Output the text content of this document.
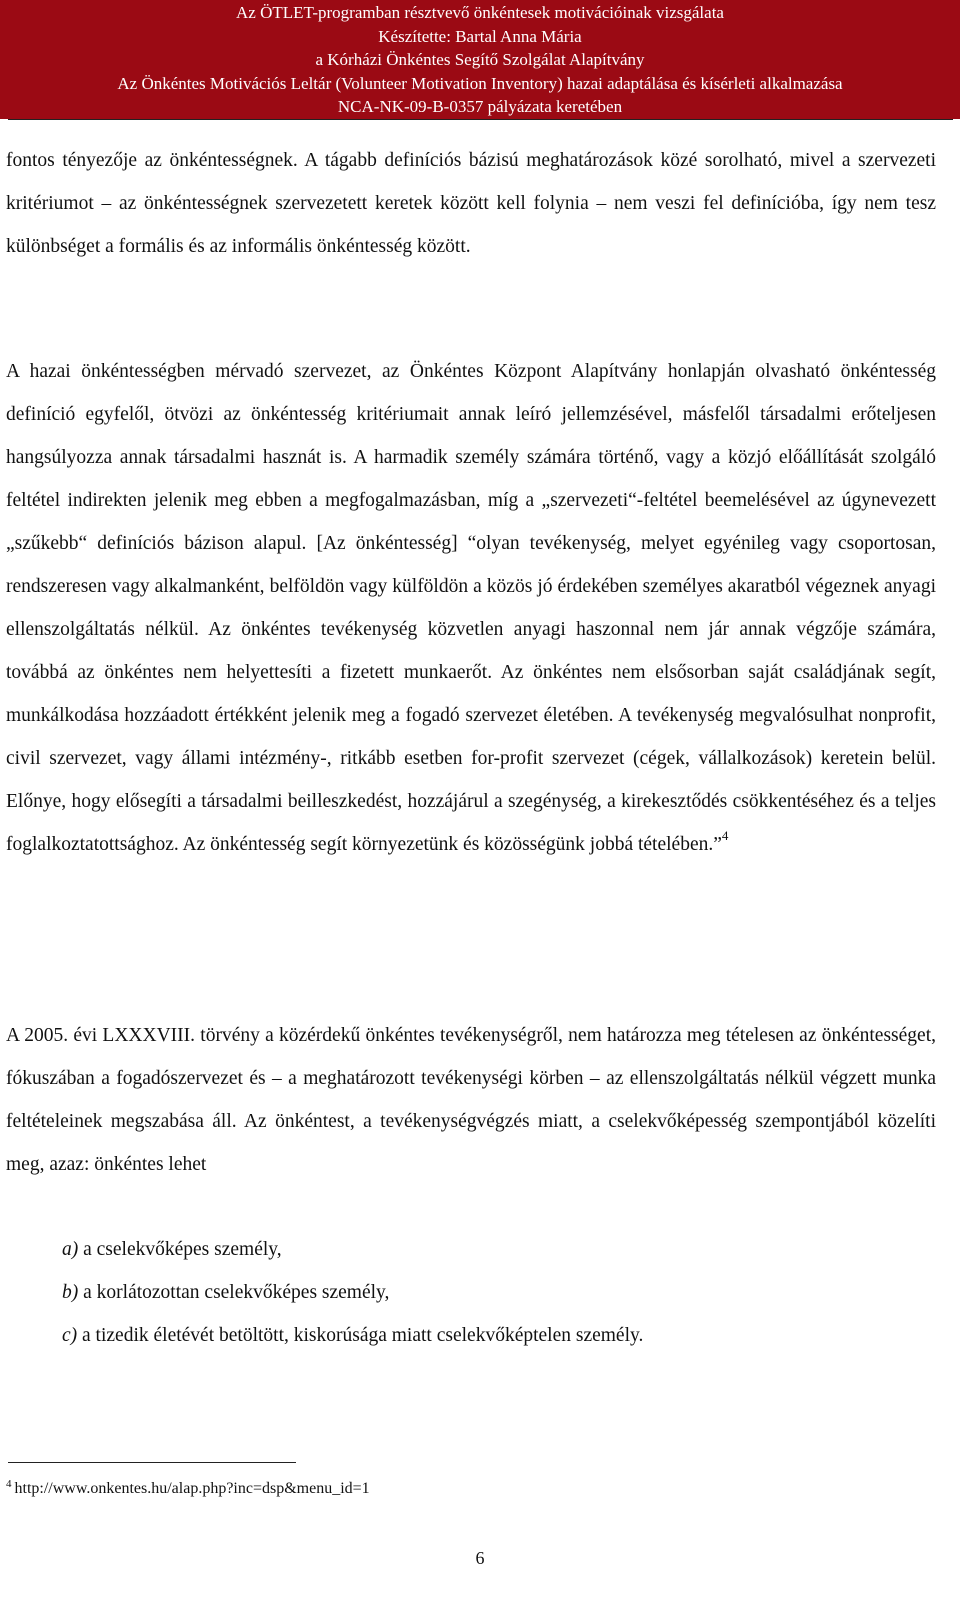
Az ÖTLET-programban résztvevő önkéntesek motivációinak vizsgálata
Készítette: Bartal Anna Mária
a Kórházi Önkéntes Segítő Szolgálat Alapítvány
Az Önkéntes Motivációs Leltár (Volunteer Motivation Inventory) hazai adaptálása és kísérleti alkalmazása
NCA-NK-09-B-0357 pályázata keretében

fontos tényezője az önkéntességnek. A tágabb definíciós bázisú meghatározások közé sorolható, mivel a szervezeti kritériumot – az önkéntességnek szervezetett keretek között kell folynia – nem veszi fel definícióba, így nem tesz különbséget a formális és az informális önkéntesség között.

A hazai önkéntességben mérvadó szervezet, az Önkéntes Központ Alapítvány honlapján olvasható önkéntesség definíció egyfelől, ötvözi az önkéntesség kritériumait annak leíró jellemzésével, másfelől társadalmi erőteljesen hangsúlyozza annak társadalmi hasznát is. A harmadik személy számára történő, vagy a közjó előállítását szolgáló feltétel indirekten jelenik meg ebben a megfogalmazásban, míg a „szervezeti“-feltétel beemelésével az úgynevezett „szűkebb“ definíciós bázison alapul. [Az önkéntesség] “olyan tevékenység, melyet egyénileg vagy csoportosan, rendszeresen vagy alkalmanként, belföldön vagy külföldön a közös jó érdekében személyes akaratból végeznek anyagi ellenszolgáltatás nélkül. Az önkéntes tevékenység közvetlen anyagi haszonnal nem jár annak végzője számára, továbbá az önkéntes nem helyettesíti a fizetett munkaerőt. Az önkéntes nem elsősorban saját családjának segít, munkálkodása hozzáadott értékként jelenik meg a fogadó szervezet életében. A tevékenység megvalósulhat nonprofit, civil szervezet, vagy állami intézmény-, ritkább esetben for-profit szervezet (cégek, vállalkozások) keretein belül. Előnye, hogy elősegíti a társadalmi beilleszkedést, hozzájárul a szegénység, a kirekesztődés csökkentéséhez és a teljes foglalkoztatottsághoz. Az önkéntesség segít környezetünk és közösségünk jobbá tételében.”$^4$

A 2005. évi LXXXVIII. törvény a közérdekű önkéntes tevékenységről, nem határozza meg tételesen az önkéntességet, fókuszában a fogadószervezet és – a meghatározott tevékenységi körben – az ellenszolgáltatás nélkül végzett munka feltételeinek megszabása áll. Az önkéntest, a tevékenységvégzés miatt, a cselekvőképesség szempontjából közelíti meg, azaz: önkéntes lehet

a) a cselekvőképes személy,
b) a korlátozottan cselekvőképes személy,
c) a tizedik életévét betöltött, kiskorúsága miatt cselekvőképtelen személy.
$^4$ http://www.onkentes.hu/alap.php?inc=dsp&menu_id=1
6
